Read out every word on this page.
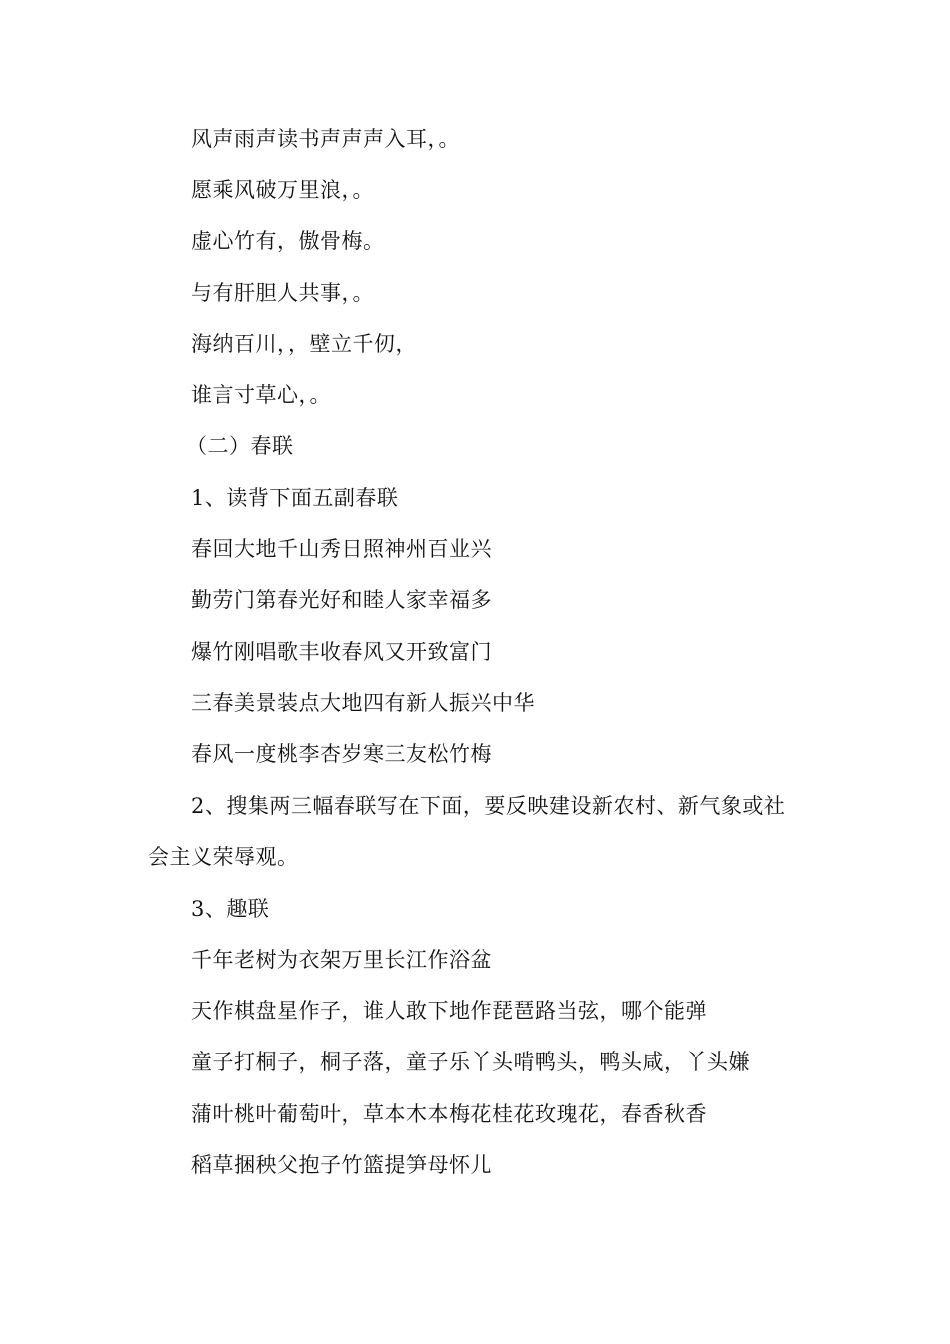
风声雨声读书声声声入耳，。
愿乘风破万里浪，。
虚心竹有，傲骨梅。
与有肝胆人共事，。
海纳百川，，壁立千仞，
谁言寸草心，。
（二）春联
1、读背下面五副春联
春回大地千山秀日照神州百业兴
勤劳门第春光好和睦人家幸福多
爆竹刚唱歌丰收春风又开致富门
三春美景装点大地四有新人振兴中华
春风一度桃李杏岁寒三友松竹梅
2、搜集两三幅春联写在下面，要反映建设新农村、新气象或社
会主义荣辱观。
3、趣联
千年老树为衣架万里长江作浴盆
天作棋盘星作子，谁人敢下地作琵琶路当弦，哪个能弹
童子打桐子，桐子落，童子乐丫头啃鸭头，鸭头咸，丫头嫌
蒲叶桃叶葡萄叶，草本木本梅花桂花玫瑰花，春香秋香
稻草捆秧父抱子竹篮提笋母怀儿
